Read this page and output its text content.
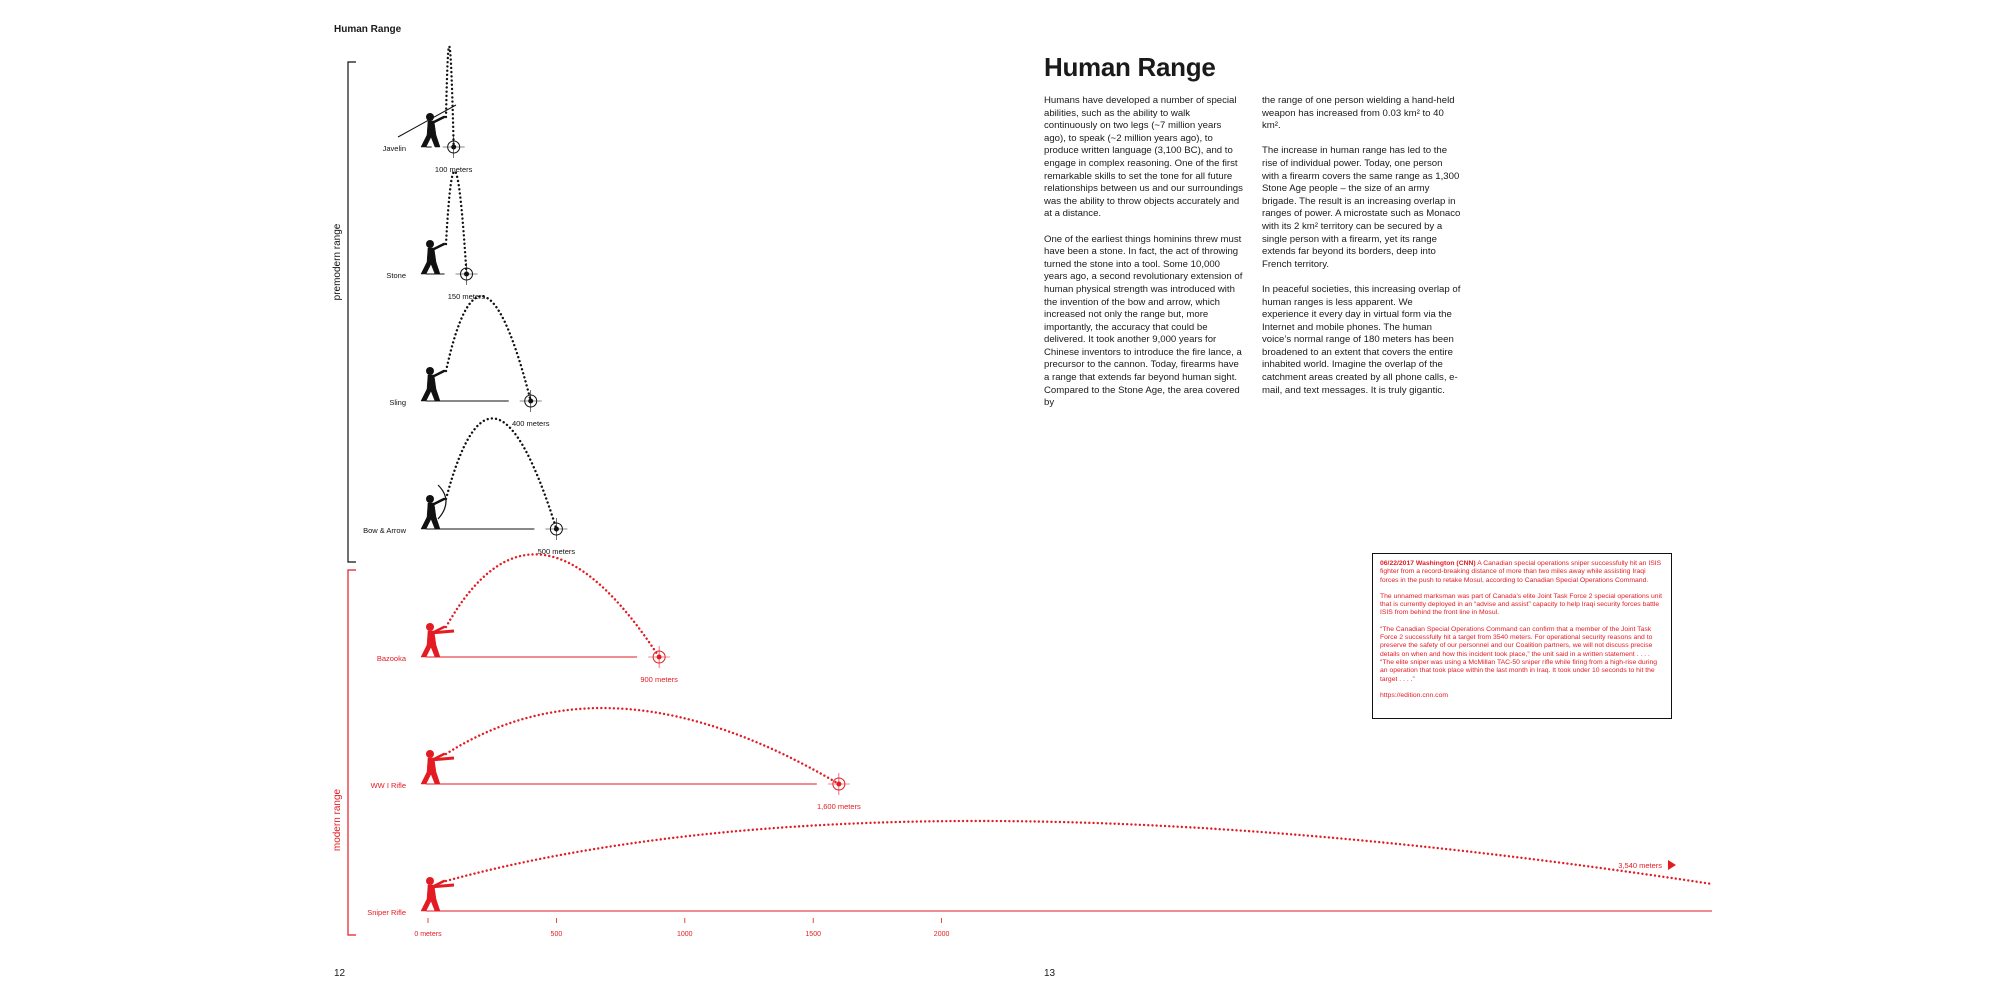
Human Range
premodern range
modern range
Javelin
100 meters
Stone
150 meters
Sling
400 meters
Bow & Arrow
500 meters
Bazooka
900 meters
WW I Rifle
1,600 meters
Sniper Rifle
3,540 meters
0 meters	500	1000	1500	2000
Human Range

Humans have developed a number of special abilities, such as the ability to walk continuously on two legs (~7 million years ago), to speak (~2 million years ago), to produce written language (3,100 BC), and to engage in complex reasoning. One of the first remarkable skills to set the tone for all future relationships between us and our surroundings was the ability to throw objects accurately and at a distance.

One of the earliest things hominins threw must have been a stone. In fact, the act of throwing turned the stone into a tool. Some 10,000 years ago, a second revolutionary extension of human physical strength was introduced with the invention of the bow and arrow, which increased not only the range but, more importantly, the accuracy that could be delivered. It took another 9,000 years for Chinese inventors to introduce the fire lance, a precursor to the cannon. Today, firearms have a range that extends far beyond human sight. Compared to the Stone Age, the area covered by

the range of one person wielding a hand-held weapon has increased from 0.03 km² to 40 km².

The increase in human range has led to the rise of individual power. Today, one person with a firearm covers the same range as 1,300 Stone Age people – the size of an army brigade. The result is an increasing overlap in ranges of power. A microstate such as Monaco with its 2 km² territory can be secured by a single person with a firearm, yet its range extends far beyond its borders, deep into French territory.

In peaceful societies, this increasing overlap of human ranges is less apparent. We experience it every day in virtual form via the Internet and mobile phones. The human voice’s normal range of 180 meters has been broadened to an extent that covers the entire inhabited world. Imagine the overlap of the catchment areas created by all phone calls, e-mail, and text messages. It is truly gigantic.

06/22/2017 Washington (CNN) A Canadian special operations sniper successfully hit an ISIS fighter from a record-breaking distance of more than two miles away while assisting Iraqi forces in the push to retake Mosul, according to Canadian Special Operations Command.

The unnamed marksman was part of Canada’s elite Joint Task Force 2 special operations unit that is currently deployed in an “advise and assist” capacity to help Iraqi security forces battle ISIS from behind the front line in Mosul.

“The Canadian Special Operations Command can confirm that a member of the Joint Task Force 2 successfully hit a target from 3540 meters. For operational security reasons and to preserve the safety of our personnel and our Coalition partners, we will not discuss precise details on when and how this incident took place,” the unit said in a written statement . . . .

“The elite sniper was using a McMillan TAC-50 sniper rifle while firing from a high-rise during an operation that took place within the last month in Iraq. It took under 10 seconds to hit the target . . . .”

https://edition.cnn.com

12	13
